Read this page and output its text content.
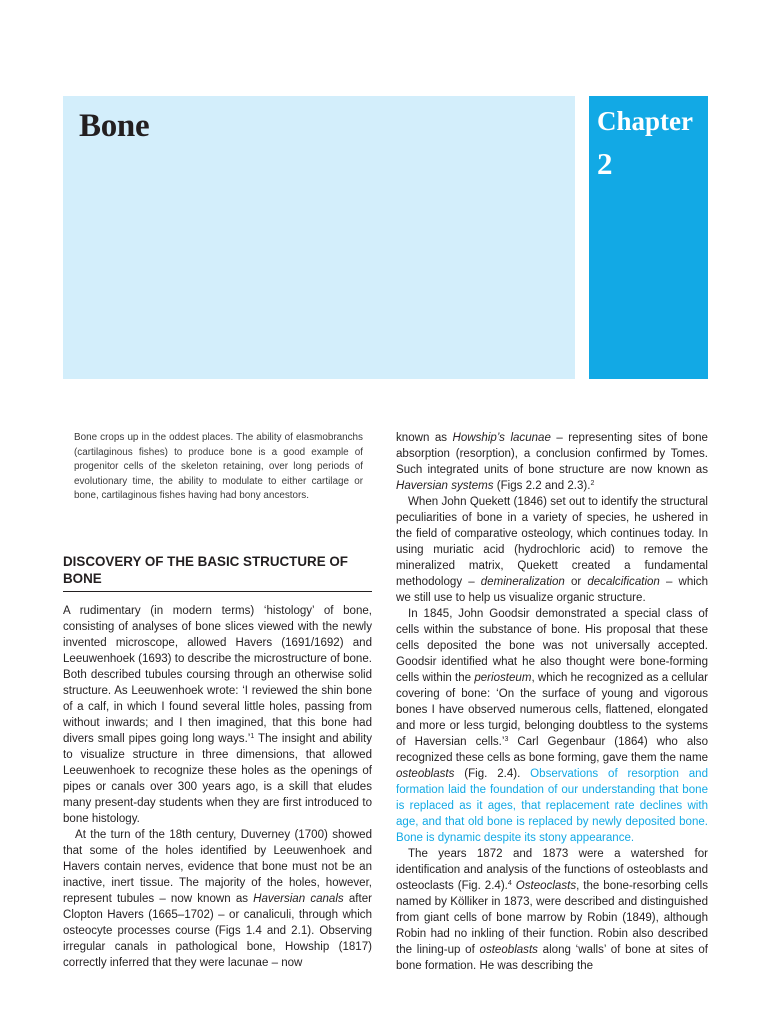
Bone	Chapter
2

Bone crops up in the oddest places. The ability of elasmobranchs (cartilaginous fishes) to produce bone is a good example of progenitor cells of the skeleton retaining, over long periods of evolutionary time, the ability to modulate to either cartilage or bone, cartilaginous fishes having had bony ancestors.

DISCOVERY OF THE BASIC STRUCTURE OF BONE

A rudimentary (in modern terms) ‘histology’ of bone, consisting of analyses of bone slices viewed with the newly invented microscope, allowed Havers (1691/1692) and Leeuwenhoek (1693) to describe the microstructure of bone. Both described tubules coursing through an otherwise solid structure. As Leeuwenhoek wrote: ‘I reviewed the shin bone of a calf, in which I found several little holes, passing from without inwards; and I then imagined, that this bone had divers small pipes going long ways.’$^1$ The insight and ability to visualize structure in three dimensions, that allowed Leeuwenhoek to recognize these holes as the openings of pipes or canals over 300 years ago, is a skill that eludes many present-day students when they are first introduced to bone histology.

At the turn of the 18th century, Duverney (1700) showed that some of the holes identified by Leeuwenhoek and Havers contain nerves, evidence that bone must not be an inactive, inert tissue. The majority of the holes, however, represent tubules – now known as Haversian canals after Clopton Havers (1665–1702) – or canaliculi, through which osteocyte processes course (Figs 1.4 and 2.1). Observing irregular canals in pathological bone, Howship (1817) correctly inferred that they were lacunae – now

known as Howship’s lacunae – representing sites of bone absorption (resorption), a conclusion confirmed by Tomes. Such integrated units of bone structure are now known as Haversian systems (Figs 2.2 and 2.3).$^2$

When John Quekett (1846) set out to identify the structural peculiarities of bone in a variety of species, he ushered in the field of comparative osteology, which continues today. In using muriatic acid (hydrochloric acid) to remove the mineralized matrix, Quekett created a fundamental methodology – demineralization or decalcification – which we still use to help us visualize organic structure.

In 1845, John Goodsir demonstrated a special class of cells within the substance of bone. His proposal that these cells deposited the bone was not universally accepted. Goodsir identified what he also thought were bone-forming cells within the periosteum, which he recognized as a cellular covering of bone: ‘On the surface of young and vigorous bones I have observed numerous cells, flattened, elongated and more or less turgid, belonging doubtless to the systems of Haversian cells.’$^3$ Carl Gegenbaur (1864) who also recognized these cells as bone forming, gave them the name osteoblasts (Fig. 2.4). Observations of resorption and formation laid the foundation of our understanding that bone is replaced as it ages, that replacement rate declines with age, and that old bone is replaced by newly deposited bone. Bone is dynamic despite its stony appearance.

The years 1872 and 1873 were a watershed for identification and analysis of the functions of osteoblasts and osteoclasts (Fig. 2.4).$^4$ Osteoclasts, the bone-resorbing cells named by Kölliker in 1873, were described and distinguished from giant cells of bone marrow by Robin (1849), although Robin had no inkling of their function. Robin also described the lining-up of osteoblasts along ‘walls’ of bone at sites of bone formation. He was describing the
